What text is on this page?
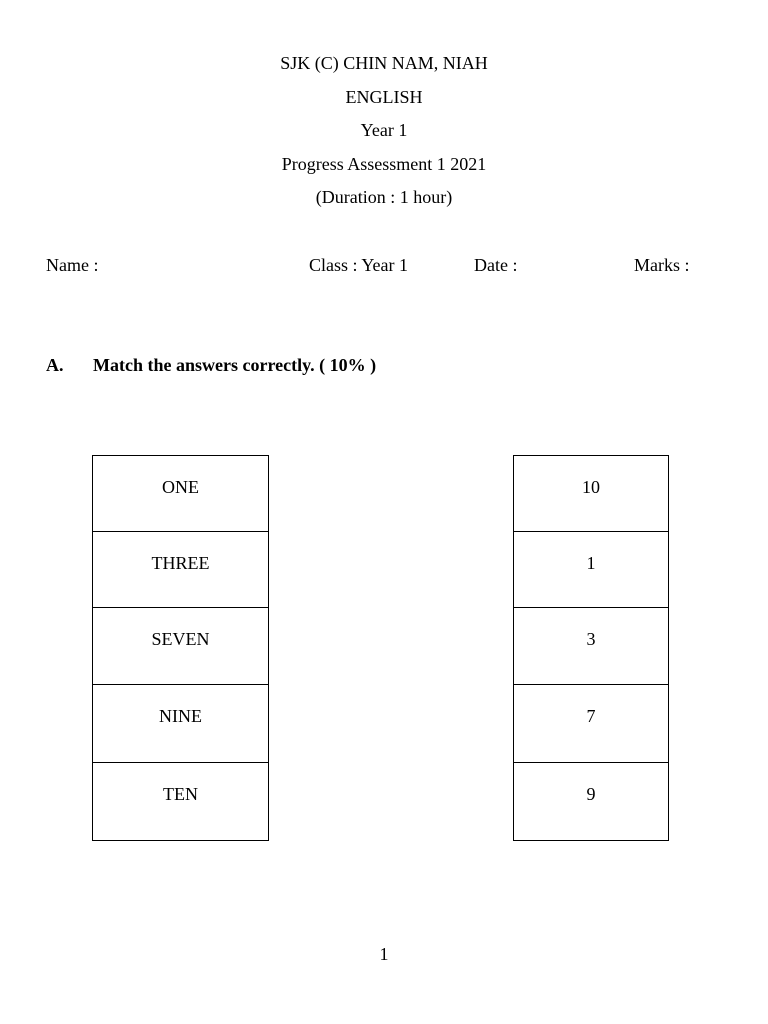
SJK (C) CHIN NAM, NIAH
ENGLISH
Year 1
Progress Assessment 1 2021
(Duration : 1 hour)
Name :	Class : Year 1	Date :	Marks :
A. Match the answers correctly. ( 10% )
ONE
THREE
SEVEN
NINE
TEN
10
1
3
7
9
1
